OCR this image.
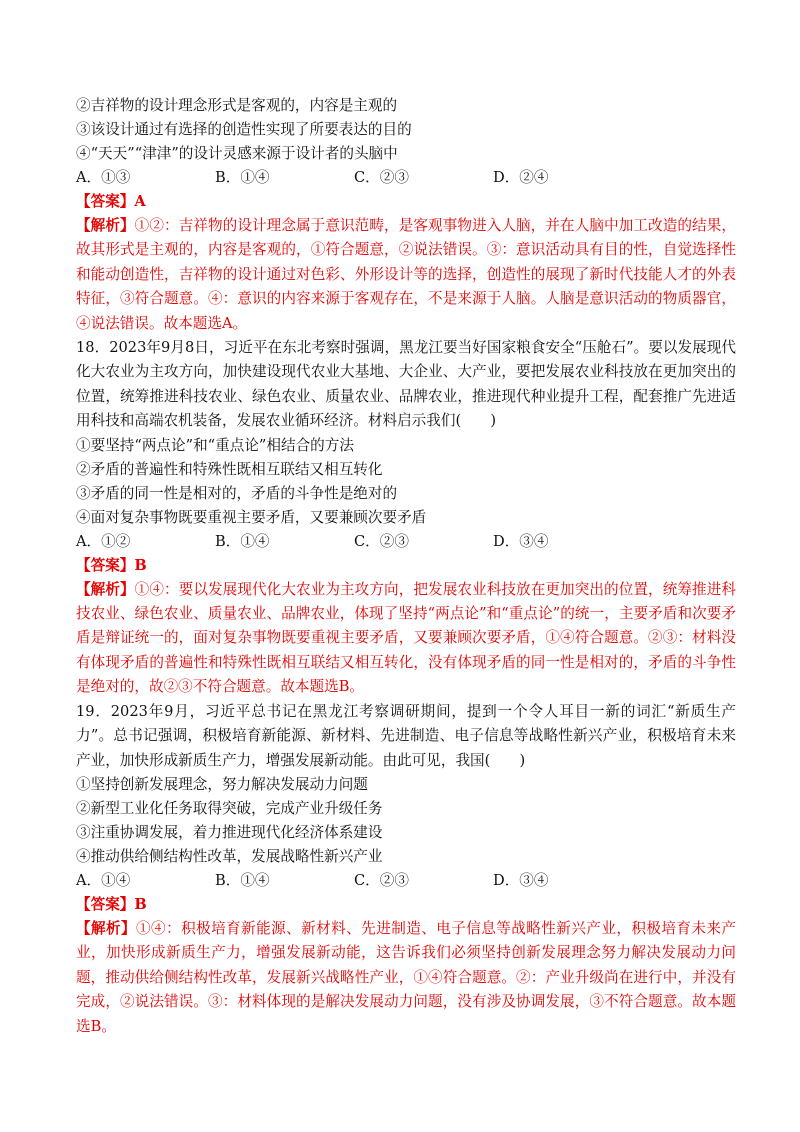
②吉祥物的设计理念形式是客观的，内容是主观的
③该设计通过有选择的创造性实现了所要表达的目的
④“天天”“津津”的设计灵感来源于设计者的头脑中
A．①③	B．①④	C．②③	D．②④
【答案】A
【解析】①②：吉祥物的设计理念属于意识范畴，是客观事物进入人脑，并在人脑中加工改造的结果，故其形式是主观的，内容是客观的，①符合题意，②说法错误。③：意识活动具有目的性，自觉选择性和能动创造性，吉祥物的设计通过对色彩、外形设计等的选择，创造性的展现了新时代技能人才的外表特征，③符合题意。④：意识的内容来源于客观存在，不是来源于人脑。人脑是意识活动的物质器官，④说法错误。故本题选A。
18．2023年9月8日，习近平在东北考察时强调，黑龙江要当好国家粮食安全“压舱石”。要以发展现代化大农业为主攻方向，加快建设现代农业大基地、大企业、大产业，要把发展农业科技放在更加突出的位置，统筹推进科技农业、绿色农业、质量农业、品牌农业，推进现代种业提升工程，配套推广先进适用科技和高端农机装备，发展农业循环经济。材料启示我们(　　)
①要坚持“两点论”和“重点论”相结合的方法
②矛盾的普遍性和特殊性既相互联结又相互转化
③矛盾的同一性是相对的，矛盾的斗争性是绝对的
④面对复杂事物既要重视主要矛盾，又要兼顾次要矛盾
A．①②	B．①④	C．②③	D．③④
【答案】B
【解析】①④：要以发展现代化大农业为主攻方向，把发展农业科技放在更加突出的位置，统筹推进科技农业、绿色农业、质量农业、品牌农业，体现了坚持“两点论”和“重点论”的统一，主要矛盾和次要矛盾是辩证统一的，面对复杂事物既要重视主要矛盾，又要兼顾次要矛盾，①④符合题意。②③：材料没有体现矛盾的普遍性和特殊性既相互联结又相互转化，没有体现矛盾的同一性是相对的，矛盾的斗争性是绝对的，故②③不符合题意。故本题选B。
19．2023年9月，习近平总书记在黑龙江考察调研期间，提到一个令人耳目一新的词汇“新质生产力”。总书记强调，积极培育新能源、新材料、先进制造、电子信息等战略性新兴产业，积极培育未来产业，加快形成新质生产力，增强发展新动能。由此可见，我国(　　)
①坚持创新发展理念，努力解决发展动力问题
②新型工业化任务取得突破，完成产业升级任务
③注重协调发展，着力推进现代化经济体系建设
④推动供给侧结构性改革，发展战略性新兴产业
A．①④	B．①④	C．②③	D．③④
【答案】B
【解析】①④：积极培育新能源、新材料、先进制造、电子信息等战略性新兴产业，积极培育未来产业，加快形成新质生产力，增强发展新动能，这告诉我们必须坚持创新发展理念努力解决发展动力问题，推动供给侧结构性改革，发展新兴战略性产业，①④符合题意。②：产业升级尚在进行中，并没有完成，②说法错误。③：材料体现的是解决发展动力问题，没有涉及协调发展，③不符合题意。故本题选B。
